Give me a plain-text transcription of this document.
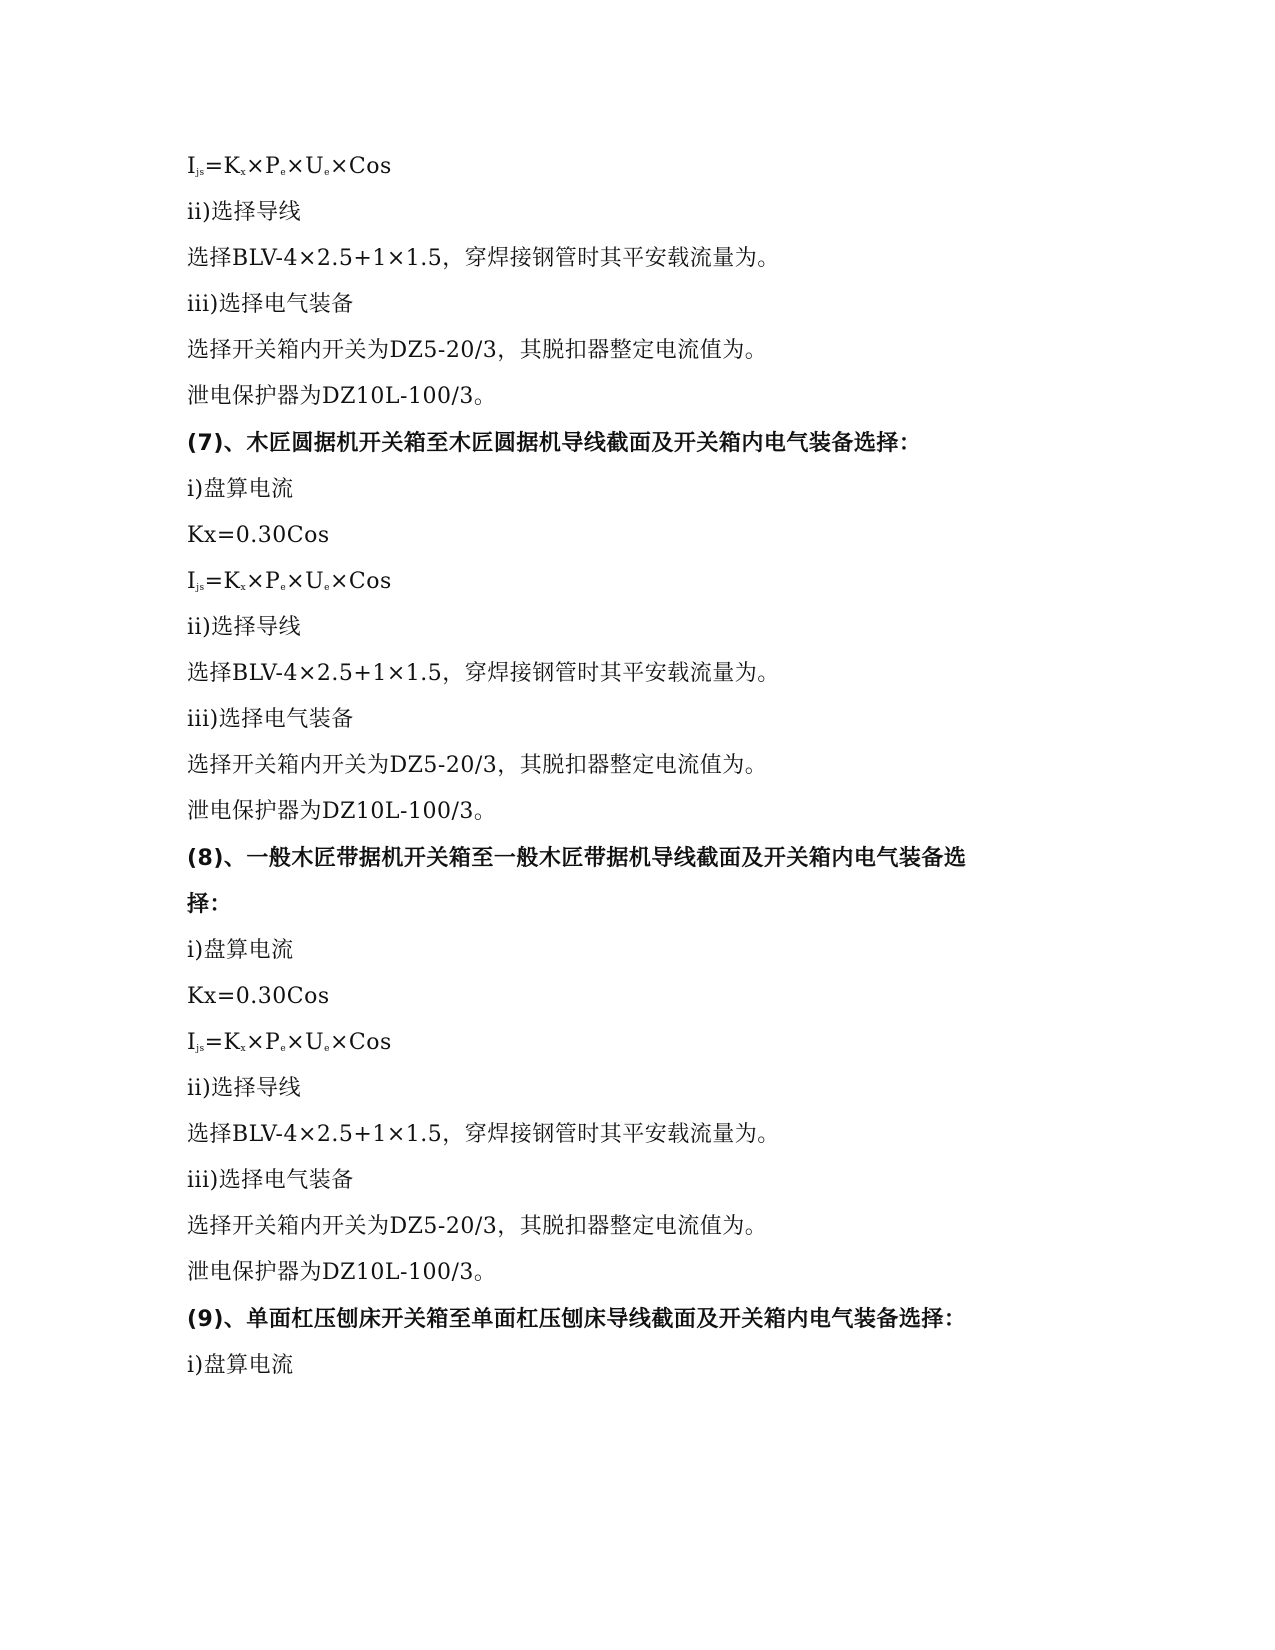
$I_{js}=K_x\times P_e\times U_e\times Cos$
ii)选择导线
选择BLV-4×2.5+1×1.5，穿焊接钢管时其平安载流量为。
iii)选择电气装备
选择开关箱内开关为DZ5-20/3，其脱扣器整定电流值为。
泄电保护器为DZ10L-100/3。
(7)、木匠圆据机开关箱至木匠圆据机导线截面及开关箱内电气装备选择：
i)盘算电流
Kx=0.30Cos
$I_{js}=K_x\times P_e\times U_e\times Cos$
ii)选择导线
选择BLV-4×2.5+1×1.5，穿焊接钢管时其平安载流量为。
iii)选择电气装备
选择开关箱内开关为DZ5-20/3，其脱扣器整定电流值为。
泄电保护器为DZ10L-100/3。
(8)、一般木匠带据机开关箱至一般木匠带据机导线截面及开关箱内电气装备选
择：
i)盘算电流
Kx=0.30Cos
$I_{js}=K_x\times P_e\times U_e\times Cos$
ii)选择导线
选择BLV-4×2.5+1×1.5，穿焊接钢管时其平安载流量为。
iii)选择电气装备
选择开关箱内开关为DZ5-20/3，其脱扣器整定电流值为。
泄电保护器为DZ10L-100/3。
(9)、单面杠压刨床开关箱至单面杠压刨床导线截面及开关箱内电气装备选择：
i)盘算电流
